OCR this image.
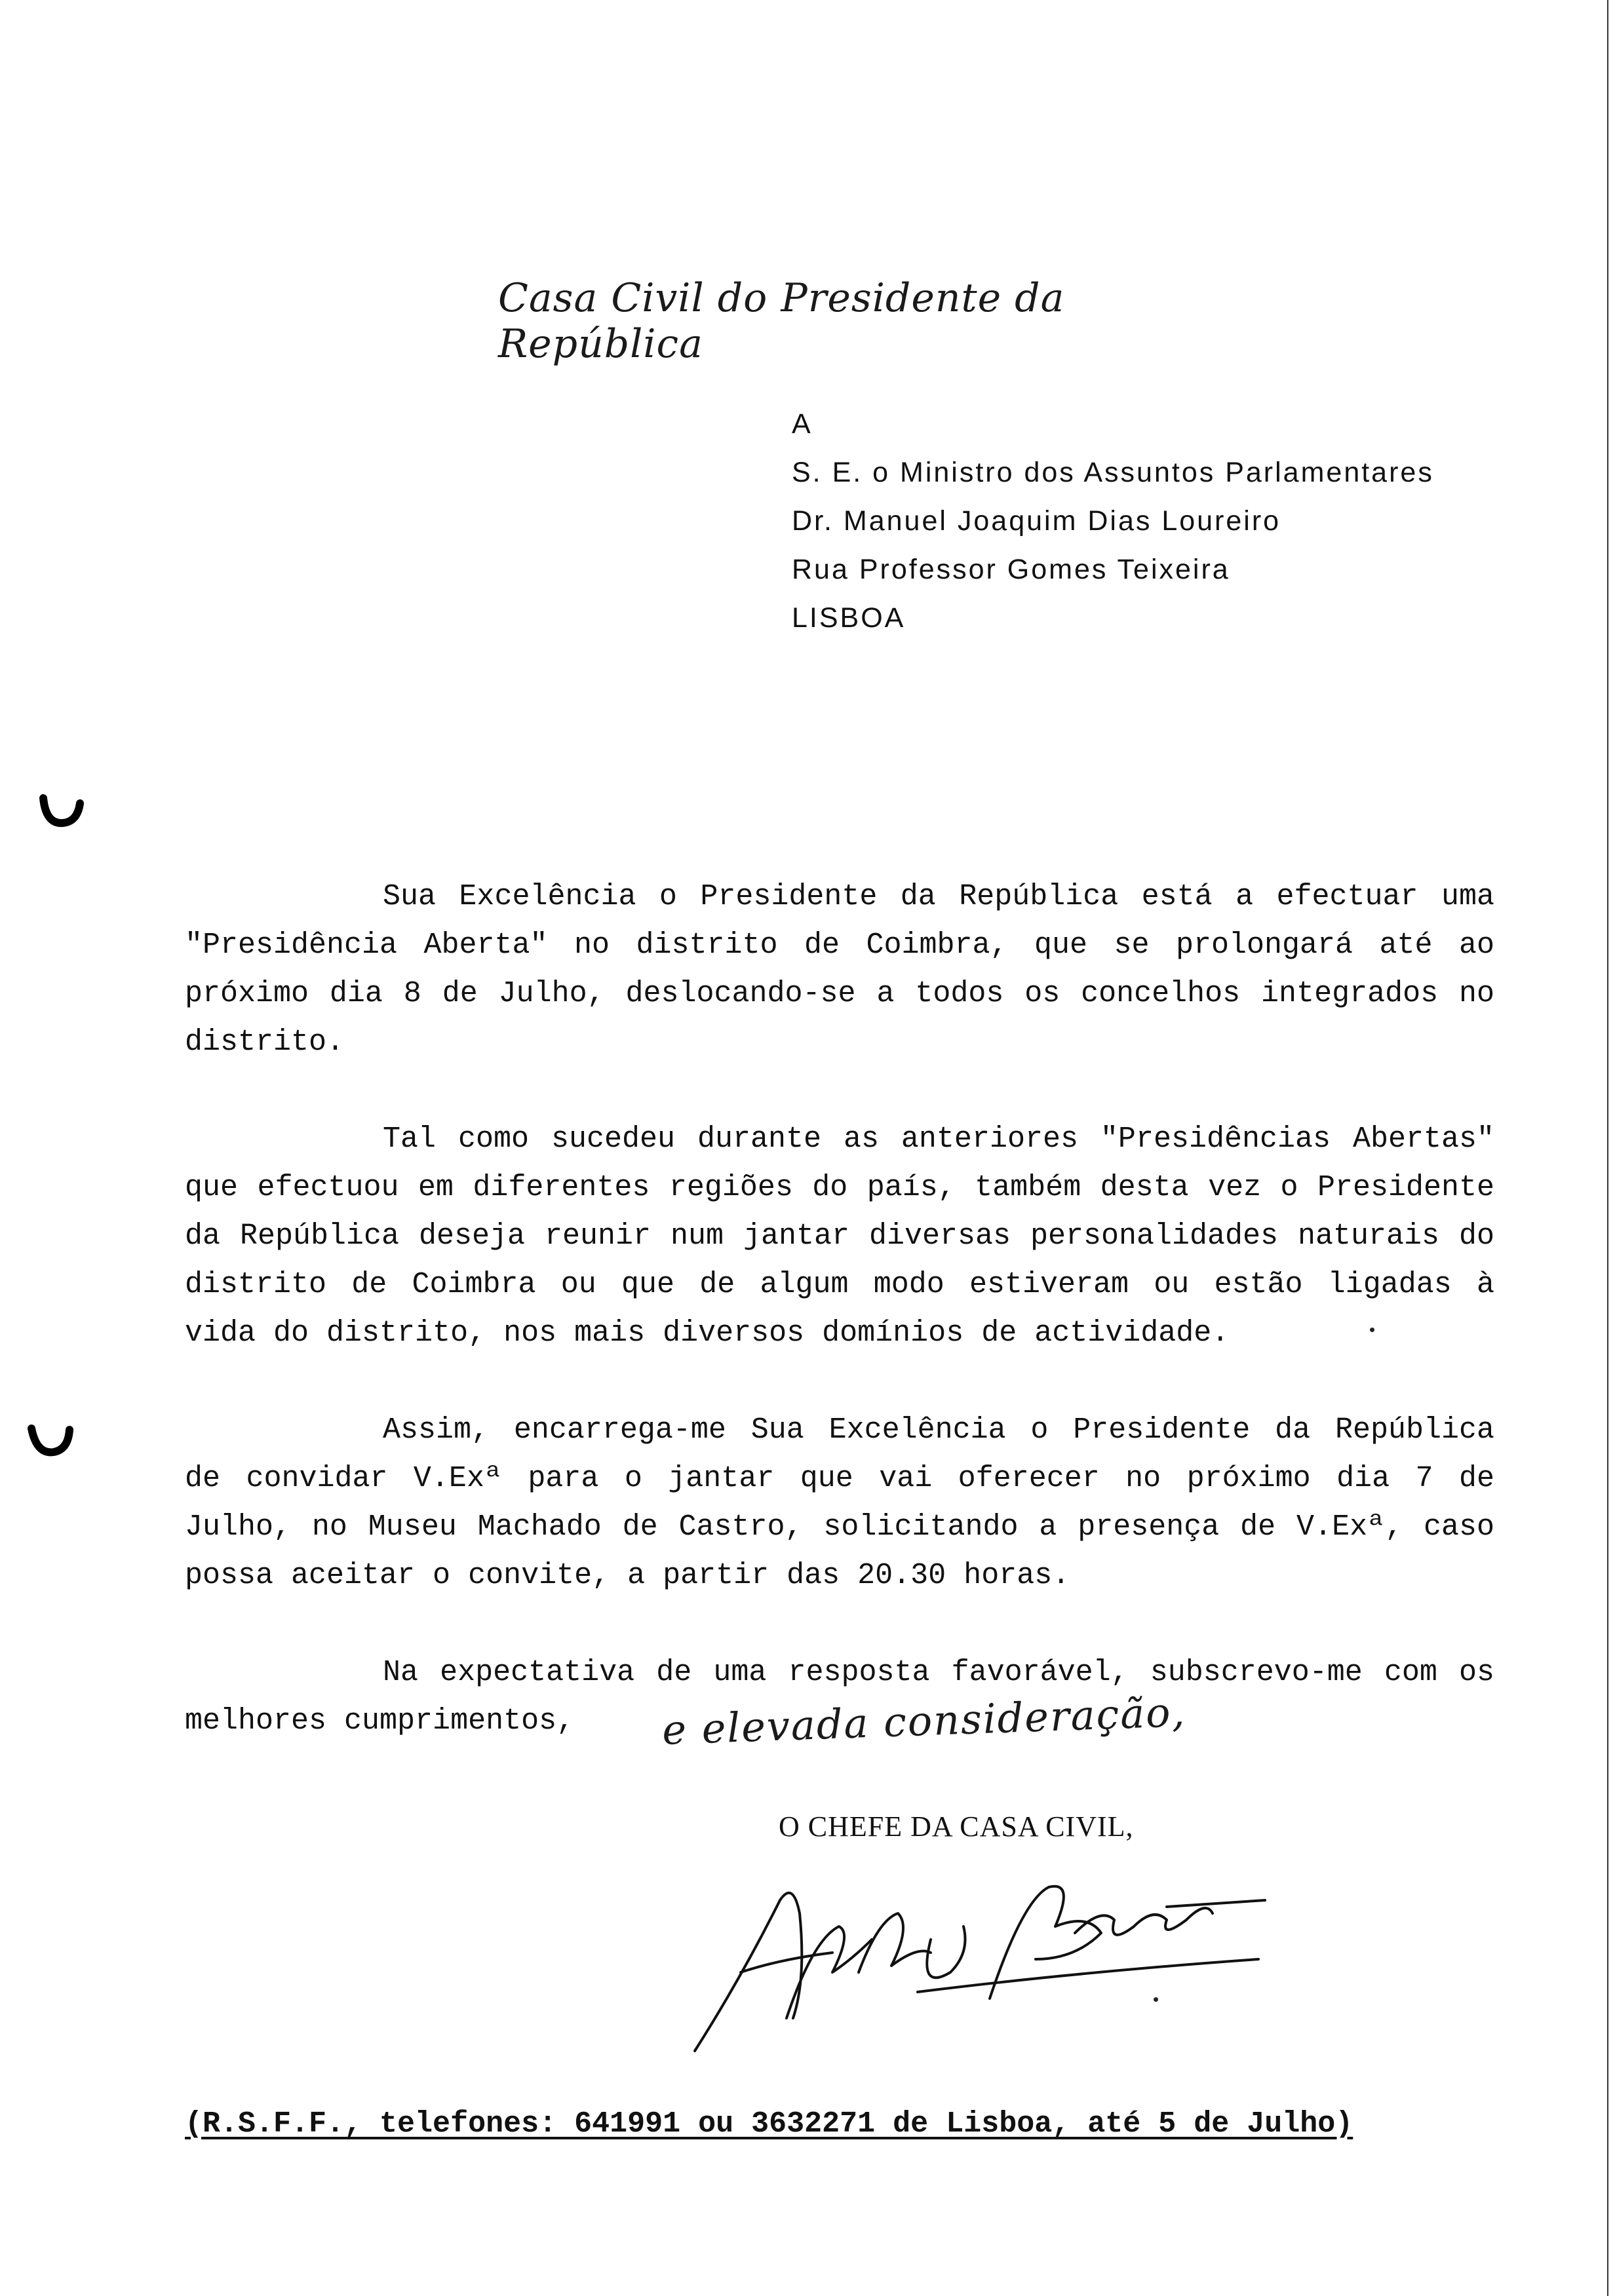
Casa Civil do Presidente da República
A
S. E. o Ministro dos Assuntos Parlamentares
Dr. Manuel Joaquim Dias Loureiro
Rua Professor Gomes Teixeira
LISBOA

Sua Excelência o Presidente da República está a efectuar uma "Presidência Aberta" no distrito de Coimbra, que se prolongará até ao próximo dia 8 de Julho, deslocando-se a todos os concelhos integrados no distrito.

Tal como sucedeu durante as anteriores "Presidências Abertas" que efectuou em diferentes regiões do país, também desta vez o Presidente da República deseja reunir num jantar diversas personalidades naturais do distrito de Coimbra ou que de algum modo estiveram ou estão ligadas à vida do distrito, nos mais diversos domínios de actividade.

Assim, encarrega-me Sua Excelência o Presidente da República de convidar V.Exª para o jantar que vai oferecer no próximo dia 7 de Julho, no Museu Machado de Castro, solicitando a presença de V.Exª, caso possa aceitar o convite, a partir das 20.30 horas.

Na expectativa de uma resposta favorável, subscrevo-me com os melhores cumprimentos,	e elevada consideração,
O CHEFE DA CASA CIVIL,
(R.S.F.F., telefones: 641991 ou 3632271 de Lisboa, até 5 de Julho)
